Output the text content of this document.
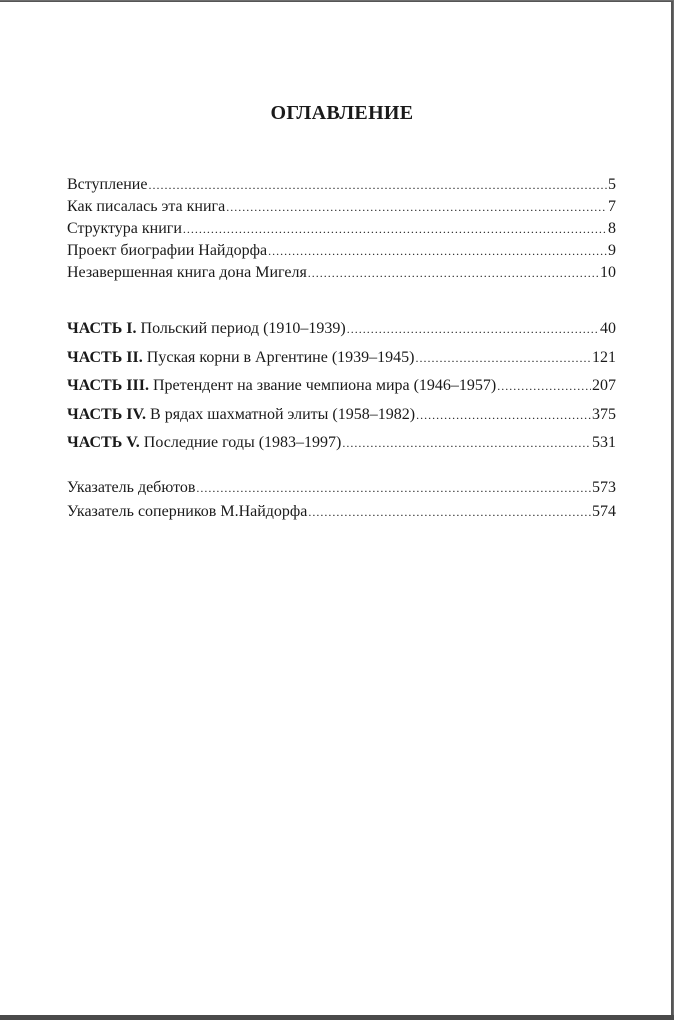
ОГЛАВЛЕНИЕ
Вступление .....	5
Как писалась эта книга .....	7
Структура книги .....	8
Проект биографии Найдорфа .....	9
Незавершенная книга дона Мигеля .....	10
ЧАСТЬ I. Польский период (1910–1939) .....	40
ЧАСТЬ II. Пуская корни в Аргентине (1939–1945) .....	121
ЧАСТЬ III. Претендент на звание чемпиона мира (1946–1957) .....	207
ЧАСТЬ IV. В рядах шахматной элиты (1958–1982) .....	375
ЧАСТЬ V. Последние годы (1983–1997) .....	531
Указатель дебютов .....	573
Указатель соперников М.Найдорфа .....	574
